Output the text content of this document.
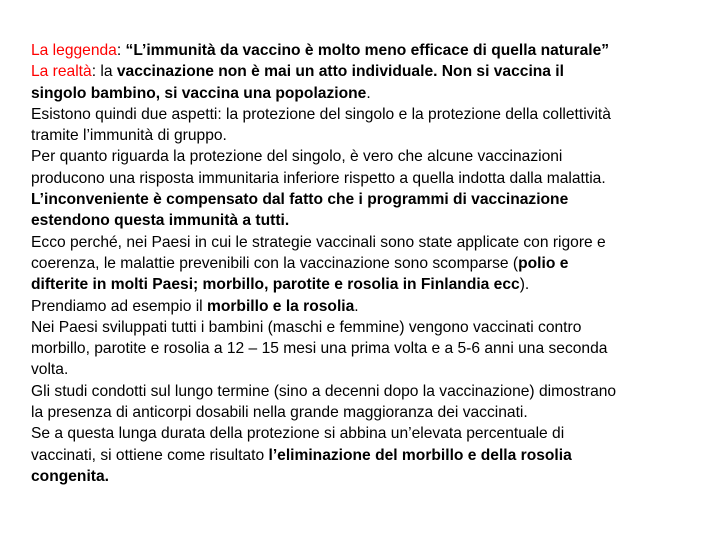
La leggenda: “L’immunità da vaccino è molto meno efficace di quella naturale”
La realtà: la vaccinazione non è mai un atto individuale. Non si vaccina il
singolo bambino, si vaccina una popolazione.
Esistono quindi due aspetti: la protezione del singolo e la protezione della collettività
tramite l’immunità di gruppo.
Per quanto riguarda la protezione del singolo, è vero che alcune vaccinazioni
producono una risposta immunitaria inferiore rispetto a quella indotta dalla malattia.
L’inconveniente è compensato dal fatto che i programmi di vaccinazione
estendono questa immunità a tutti.
Ecco perché, nei Paesi in cui le strategie vaccinali sono state applicate con rigore e
coerenza, le malattie prevenibili con la vaccinazione sono scomparse (polio e
difterite in molti Paesi; morbillo, parotite e rosolia in Finlandia ecc).
Prendiamo ad esempio il morbillo e la rosolia.
Nei Paesi sviluppati tutti i bambini (maschi e femmine) vengono vaccinati contro
morbillo, parotite e rosolia a 12 – 15 mesi una prima volta e a 5-6 anni una seconda
volta.
Gli studi condotti sul lungo termine (sino a decenni dopo la vaccinazione) dimostrano
la presenza di anticorpi dosabili nella grande maggioranza dei vaccinati.
Se a questa lunga durata della protezione si abbina un’elevata percentuale di
vaccinati, si ottiene come risultato l’eliminazione del morbillo e della rosolia
congenita.
